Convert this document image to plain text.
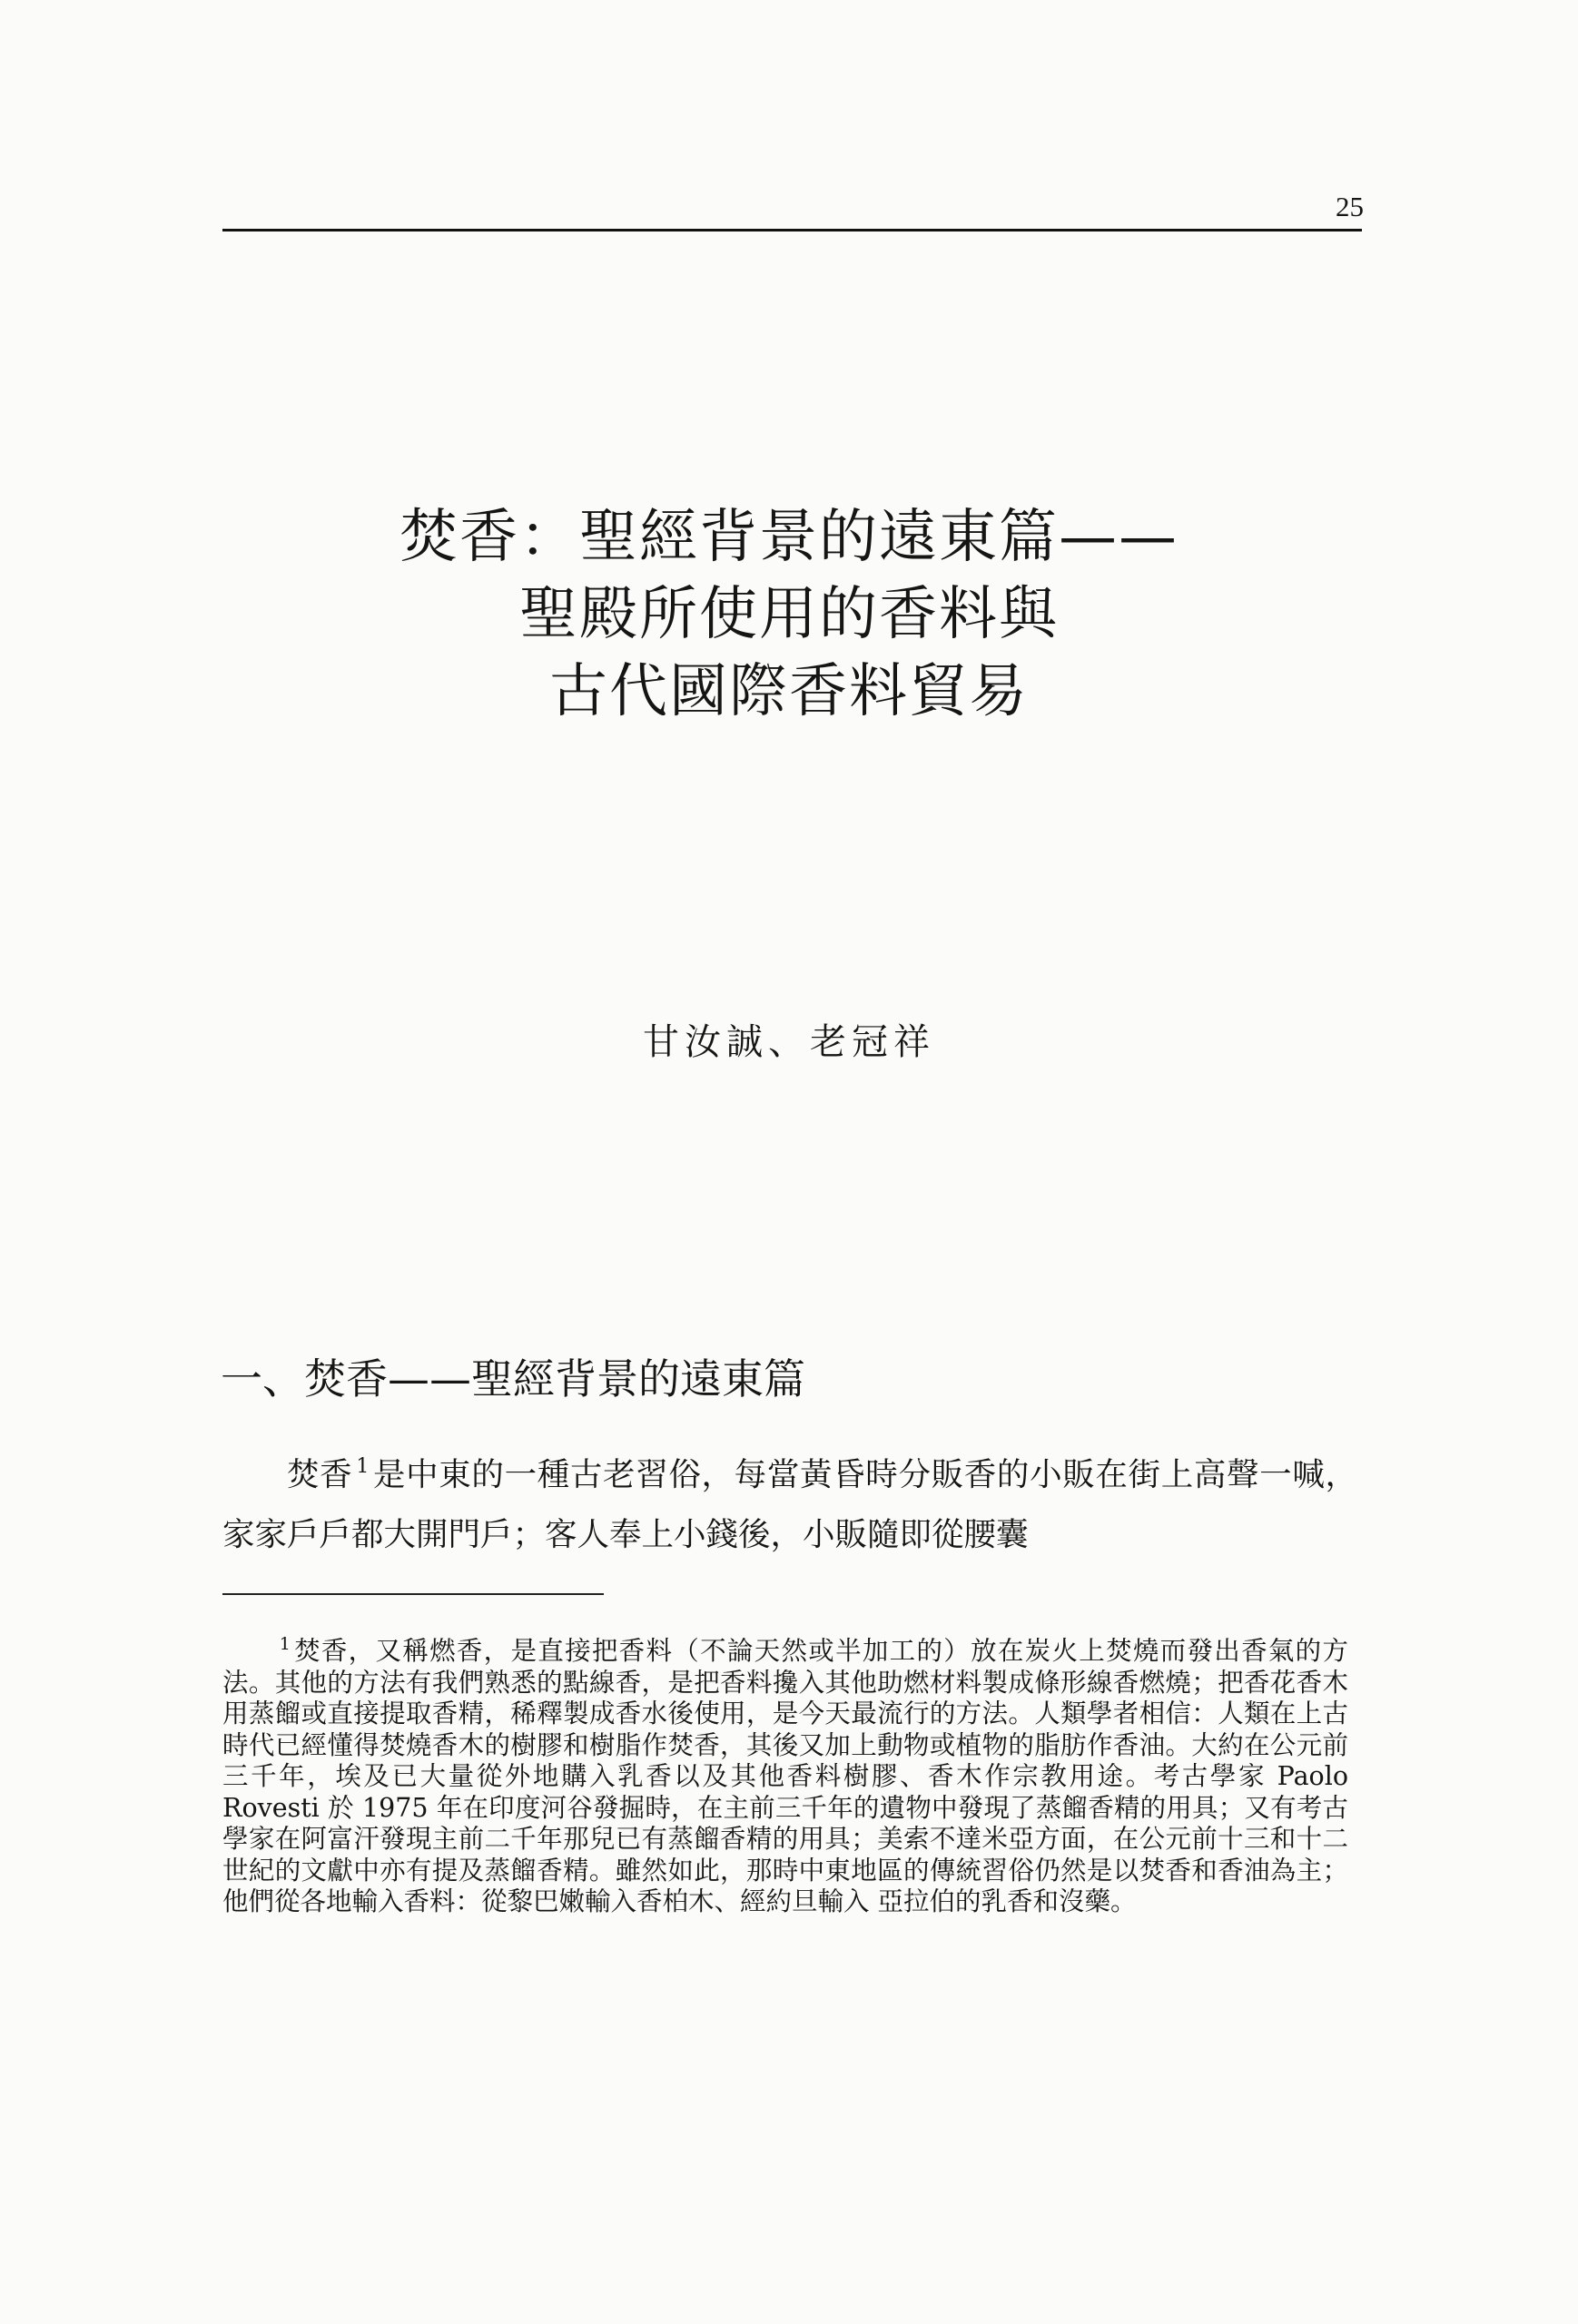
25
焚香：聖經背景的遠東篇——
聖殿所使用的香料與
古代國際香料貿易
甘汝誠、老冠祥
一、焚香——聖經背景的遠東篇

焚香 $^1$ 是中東的一種古老習俗，每當黃昏時分販香的小販在街上高聲一喊，家家戶戶都大開門戶；客人奉上小錢後，小販隨即從腰囊

$^1$ 焚香，又稱燃香，是直接把香料（不論天然或半加工的）放在炭火上焚燒而發出香氣的方法。其他的方法有我們熟悉的點線香，是把香料攙入其他助燃材料製成條形線香燃燒；把香花香木用蒸餾或直接提取香精，稀釋製成香水後使用，是今天最流行的方法。人類學者相信：人類在上古時代已經懂得焚燒香木的樹膠和樹脂作焚香，其後又加上動物或植物的脂肪作香油。大約在公元前三千年，埃及已大量從外地購入乳香以及其他香料樹膠、香木作宗教用途。考古學家 Paolo Rovesti 於 1975 年在印度河谷發掘時，在主前三千年的遺物中發現了蒸餾香精的用具；又有考古學家在阿富汗發現主前二千年那兒已有蒸餾香精的用具；美索不達米亞方面，在公元前十三和十二世紀的文獻中亦有提及蒸餾香精。雖然如此，那時中東地區的傳統習俗仍然是以焚香和香油為主；他們從各地輸入香料：從黎巴嫩輸入香柏木、經約旦輸入 亞拉伯的乳香和沒藥。
